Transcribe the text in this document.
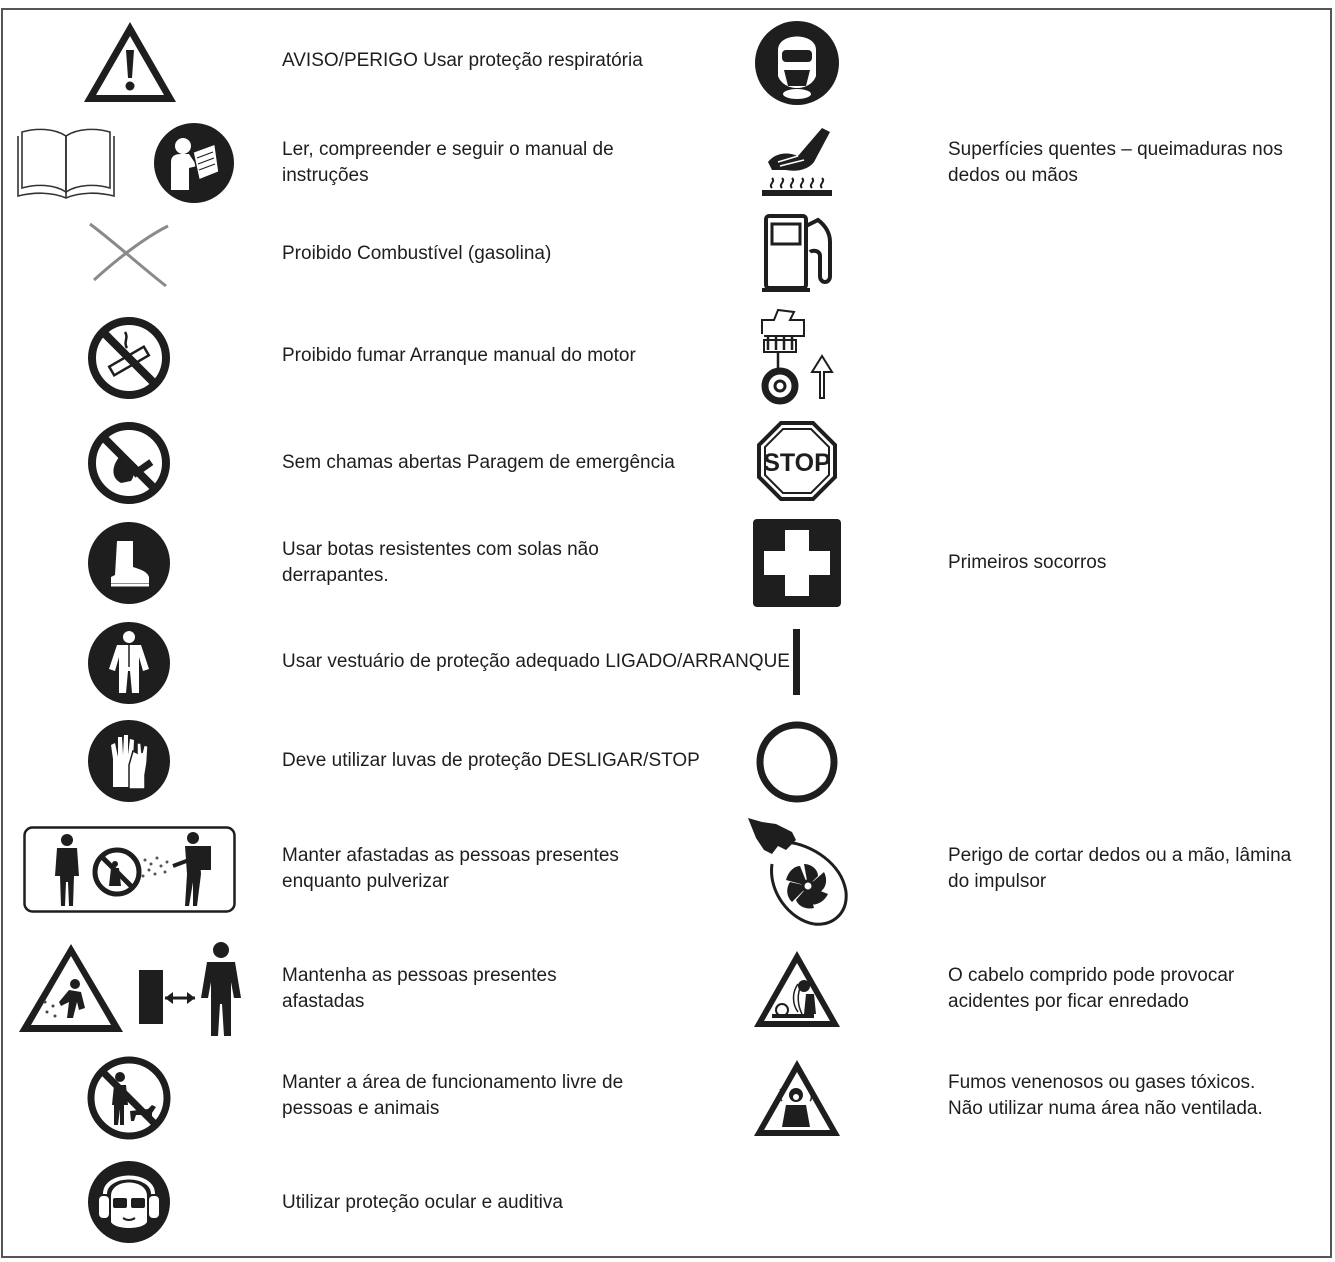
AVISO/PERIGO Usar proteção respiratória
Ler, compreender e seguir o manual de
instruções
Proibido Combustível (gasolina)
Proibido fumar Arranque manual do motor
Sem chamas abertas Paragem de emergência
Usar botas resistentes com solas não
derrapantes.
Usar vestuário de proteção adequado LIGADO/ARRANQUE
Deve utilizar luvas de proteção DESLIGAR/STOP
Manter afastadas as pessoas presentes
enquanto pulverizar
Mantenha as pessoas presentes
afastadas
Manter a área de funcionamento livre de
pessoas e animais
Utilizar proteção ocular e auditiva
Superfícies quentes – queimaduras nos
dedos ou mãos
Primeiros socorros
Perigo de cortar dedos ou a mão, lâmina
do impulsor
O cabelo comprido pode provocar
acidentes por ficar enredado
Fumos venenosos ou gases tóxicos.
Não utilizar numa área não ventilada.
STOP
